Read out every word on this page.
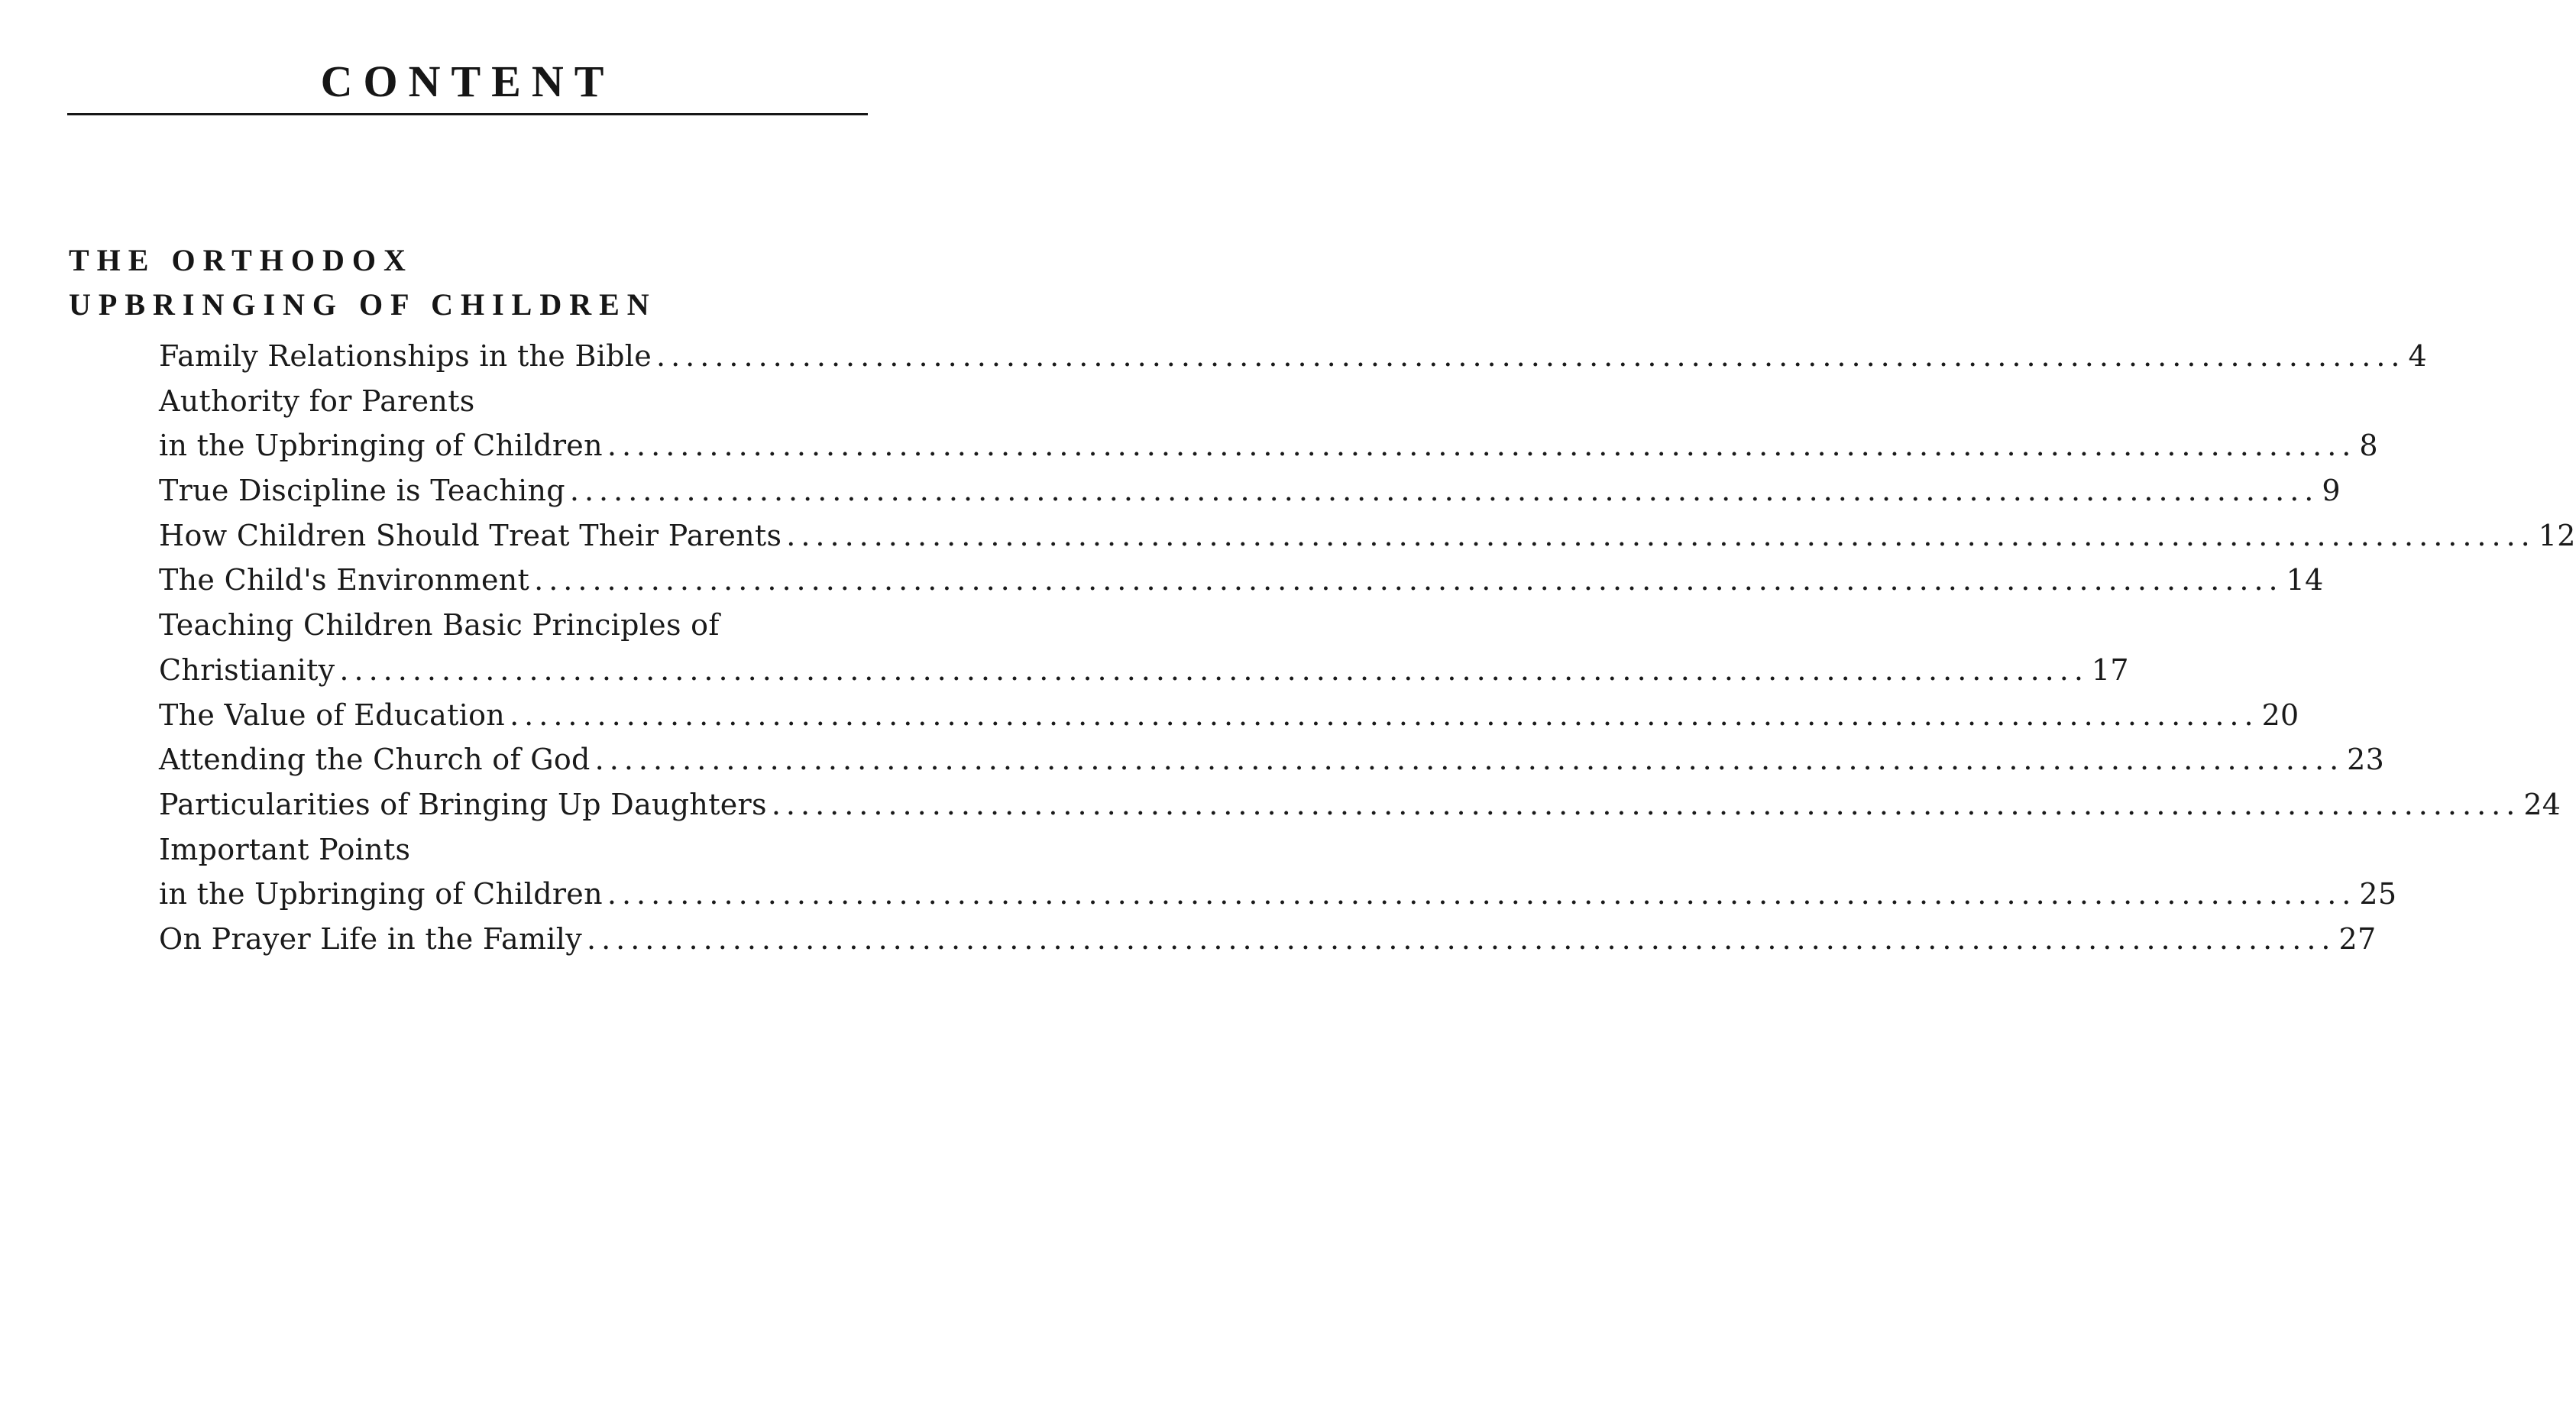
CONTENT
THE ORTHODOX
UPBRINGING OF CHILDREN
Family Relationships in the Bible ........................................................................................................................ 4
Authority for Parents
in the Upbringing of Children ........................................................................................................................ 8
True Discipline is Teaching ........................................................................................................................ 9
How Children Should Treat Their Parents ........................................................................................................................ 12
The Child's Environment ........................................................................................................................ 14
Teaching Children Basic Principles of
Christianity ........................................................................................................................ 17
The Value of Education ........................................................................................................................ 20
Attending the Church of God ........................................................................................................................ 23
Particularities of Bringing Up Daughters ........................................................................................................................ 24
Important Points
in the Upbringing of Children ........................................................................................................................ 25
On Prayer Life in the Family ........................................................................................................................ 27
